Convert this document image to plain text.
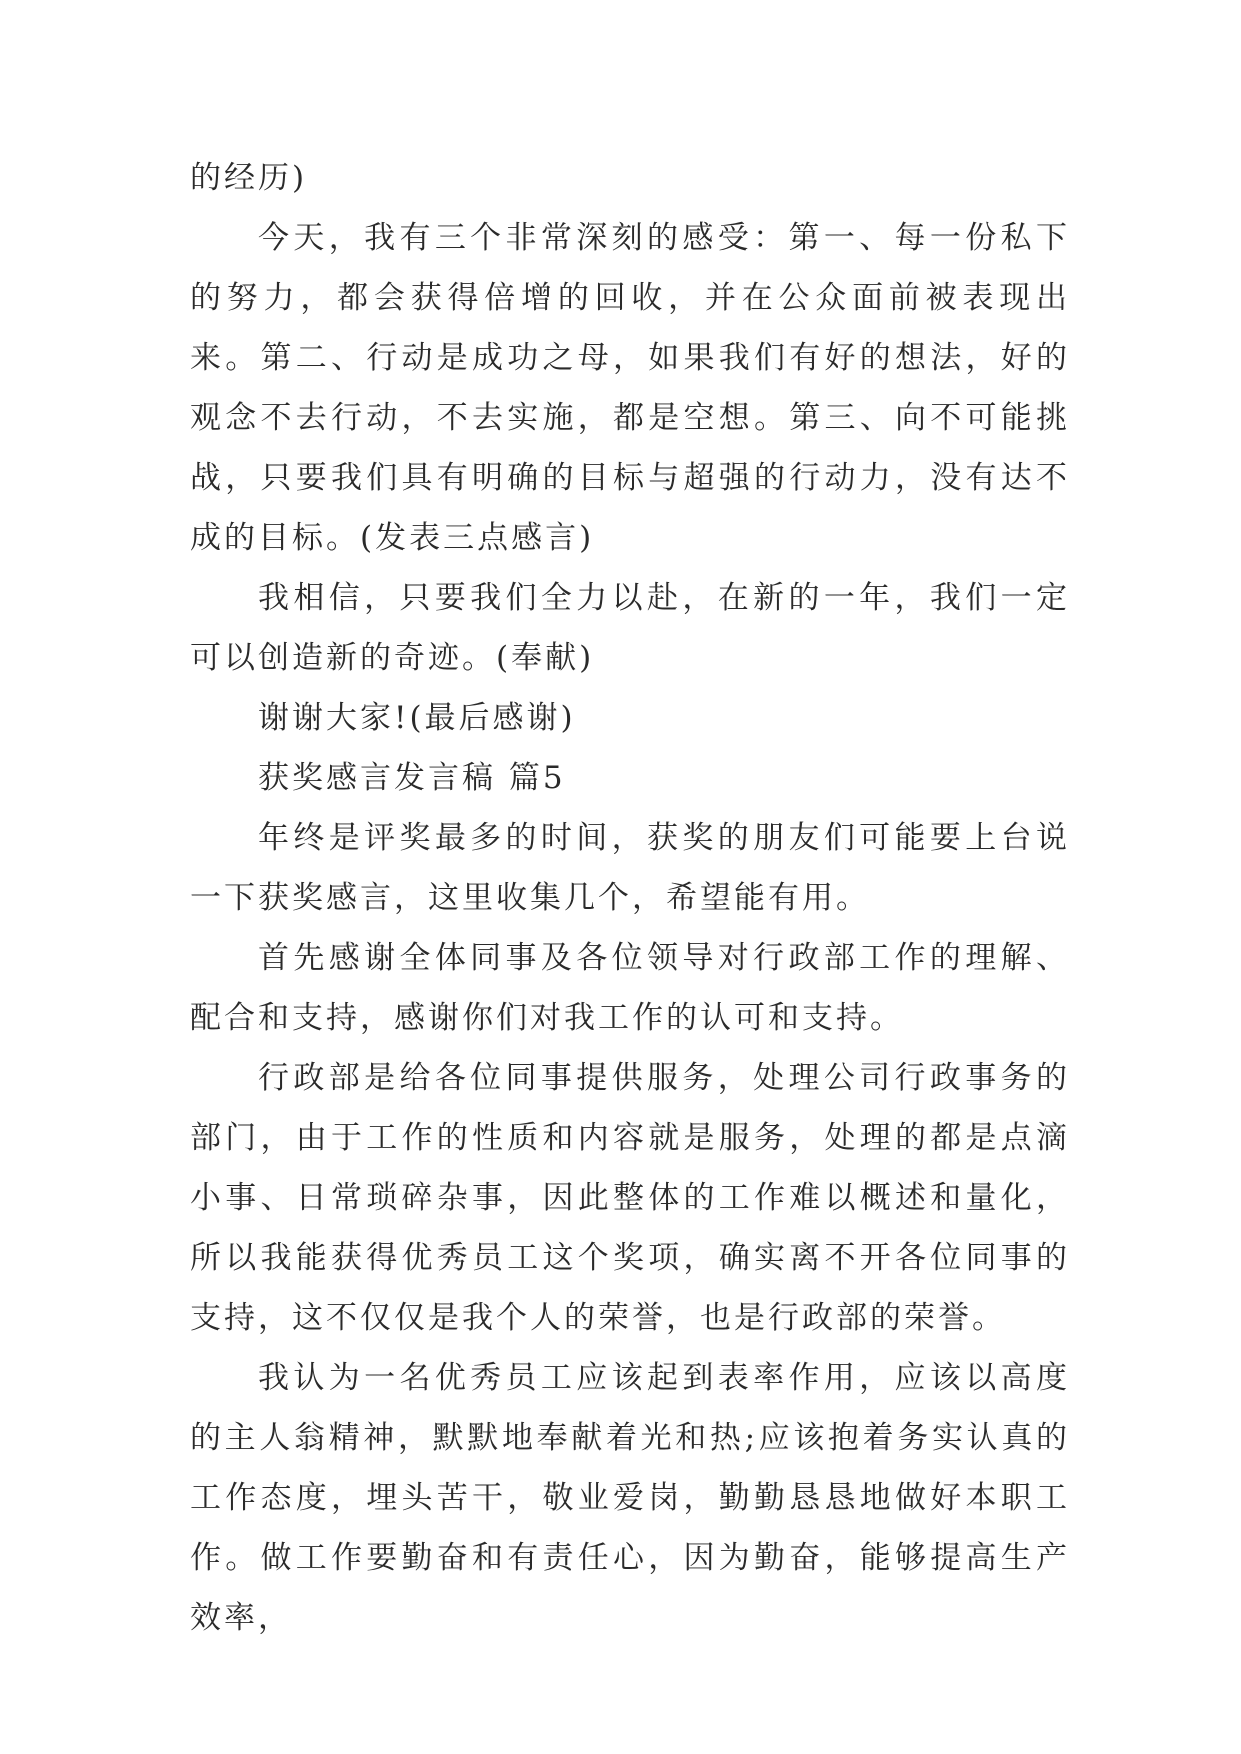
的经历)

今天，我有三个非常深刻的感受：第一、每一份私下的努力，都会获得倍增的回收，并在公众面前被表现出来。第二、行动是成功之母，如果我们有好的想法，好的观念不去行动，不去实施，都是空想。第三、向不可能挑战，只要我们具有明确的目标与超强的行动力，没有达不成的目标。(发表三点感言)

我相信，只要我们全力以赴，在新的一年，我们一定可以创造新的奇迹。(奉献)

谢谢大家!(最后感谢)

获奖感言发言稿 篇5

年终是评奖最多的时间，获奖的朋友们可能要上台说一下获奖感言，这里收集几个，希望能有用。

首先感谢全体同事及各位领导对行政部工作的理解、配合和支持，感谢你们对我工作的认可和支持。

行政部是给各位同事提供服务，处理公司行政事务的部门，由于工作的性质和内容就是服务，处理的都是点滴小事、日常琐碎杂事，因此整体的工作难以概述和量化，所以我能获得优秀员工这个奖项，确实离不开各位同事的支持，这不仅仅是我个人的荣誉，也是行政部的荣誉。

我认为一名优秀员工应该起到表率作用，应该以高度的主人翁精神，默默地奉献着光和热;应该抱着务实认真的工作态度，埋头苦干，敬业爱岗，勤勤恳恳地做好本职工作。做工作要勤奋和有责任心，因为勤奋，能够提高生产效率，
